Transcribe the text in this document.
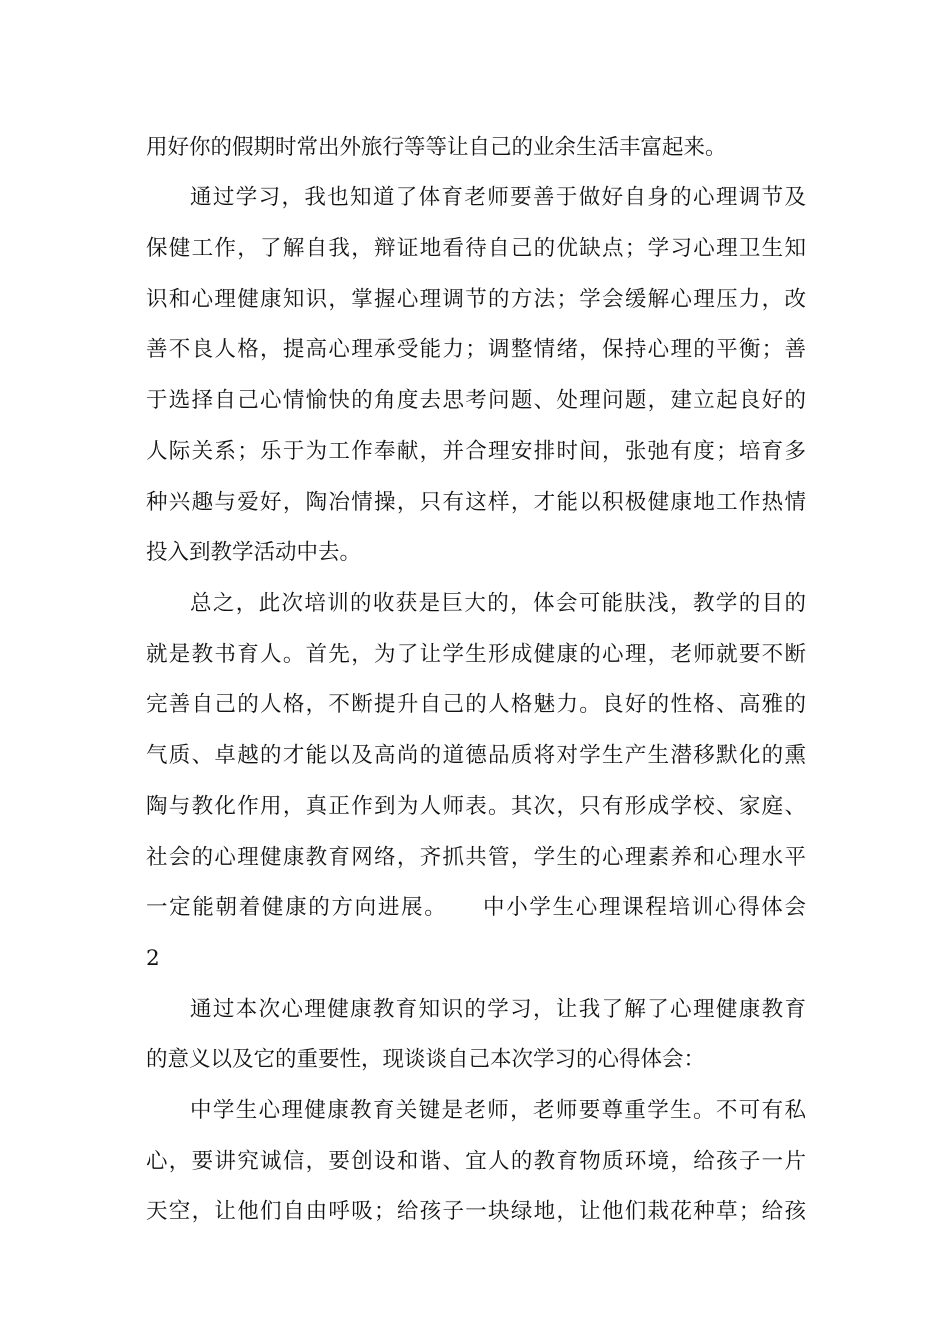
用好你的假期时常出外旅行等等让自己的业余生活丰富起来。
通过学习，我也知道了体育老师要善于做好自身的心理调节及
保健工作，了解自我，辩证地看待自己的优缺点；学习心理卫生知
识和心理健康知识，掌握心理调节的方法；学会缓解心理压力，改
善不良人格，提高心理承受能力；调整情绪，保持心理的平衡；善
于选择自己心情愉快的角度去思考问题、处理问题，建立起良好的
人际关系；乐于为工作奉献，并合理安排时间，张弛有度；培育多
种兴趣与爱好，陶冶情操，只有这样，才能以积极健康地工作热情
投入到教学活动中去。
总之，此次培训的收获是巨大的，体会可能肤浅，教学的目的
就是教书育人。首先，为了让学生形成健康的心理，老师就要不断
完善自己的人格，不断提升自己的人格魅力。良好的性格、高雅的
气质、卓越的才能以及高尚的道德品质将对学生产生潜移默化的熏
陶与教化作用，真正作到为人师表。其次，只有形成学校、家庭、
社会的心理健康教育网络，齐抓共管，学生的心理素养和心理水平
一定能朝着健康的方向进展。　　中小学生心理课程培训心得体会
2
通过本次心理健康教育知识的学习，让我了解了心理健康教育
的意义以及它的重要性，现谈谈自己本次学习的心得体会：
中学生心理健康教育关键是老师，老师要尊重学生。不可有私
心，要讲究诚信，要创设和谐、宜人的教育物质环境，给孩子一片
天空，让他们自由呼吸；给孩子一块绿地，让他们栽花种草；给孩
